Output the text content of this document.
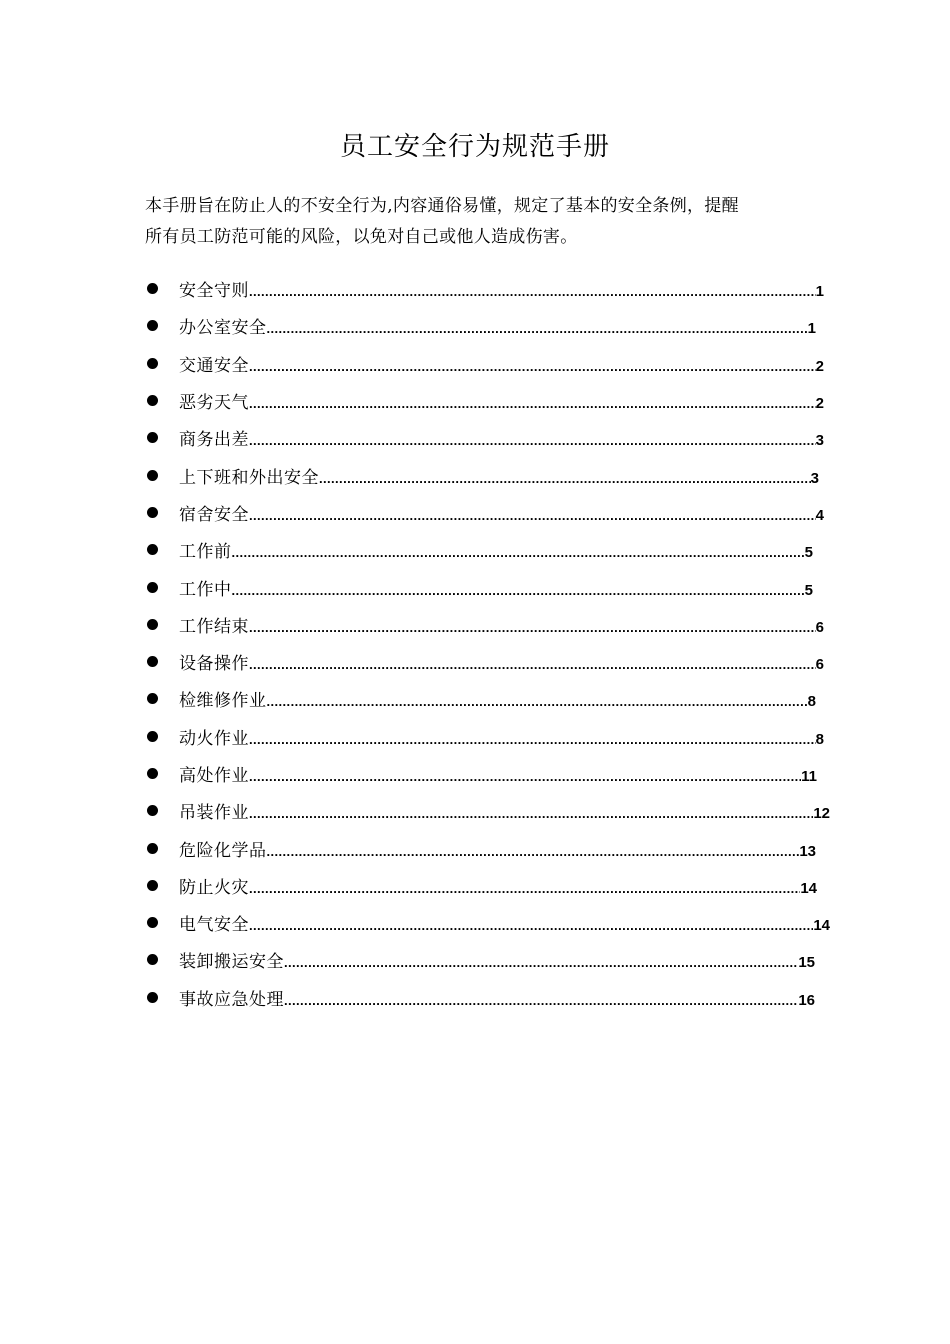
员工安全行为规范手册

本手册旨在防止人的不安全行为,内容通俗易懂，规定了基本的安全条例，提醒

所有员工防范可能的风险，以免对自己或他人造成伤害。

安全守则 .....	1
办公室安全 .....	1
交通安全 .....	2
恶劣天气 .....	2
商务出差 .....	3
上下班和外出安全 .....	3
宿舍安全 .....	4
工作前 .....	5
工作中 .....	5
工作结束 .....	6
设备操作 .....	6
检维修作业 .....	8
动火作业 .....	8
高处作业 .....	11
吊装作业 .....	12
危险化学品 .....	13
防止火灾 .....	14
电气安全 .....	14
装卸搬运安全 .....	15
事故应急处理 .....	16
